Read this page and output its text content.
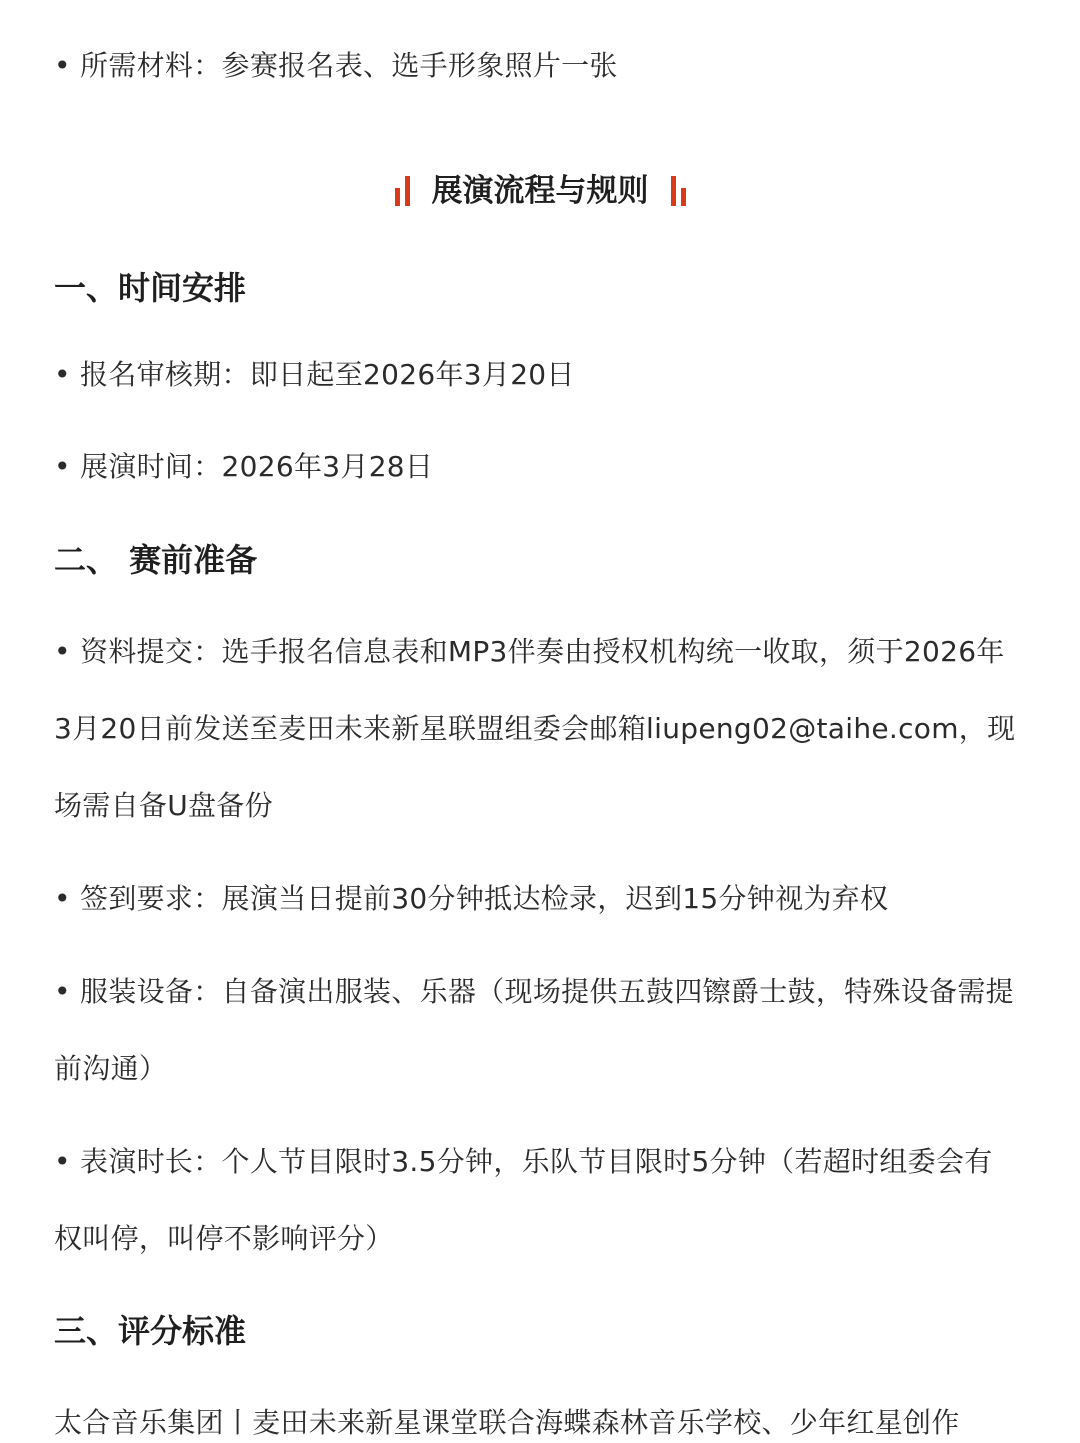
• 所需材料：参赛报名表、选手形象照片一张
展演流程与规则
一、时间安排
• 报名审核期：即日起至2026年3月20日
• 展演时间：2026年3月28日
二、 赛前准备
• 资料提交：选手报名信息表和MP3伴奏由授权机构统一收取，须于2026年
3月20日前发送至麦田未来新星联盟组委会邮箱liupeng02@taihe.com，现
场需自备U盘备份
• 签到要求：展演当日提前30分钟抵达检录，迟到15分钟视为弃权
• 服装设备：自备演出服装、乐器（现场提供五鼓四镲爵士鼓，特殊设备需提
前沟通）
• 表演时长：个人节目限时3.5分钟，乐队节目限时5分钟（若超时组委会有
权叫停，叫停不影响评分）
三、评分标准
太合音乐集团丨麦田未来新星课堂联合海蝶森林音乐学校、少年红星创作
